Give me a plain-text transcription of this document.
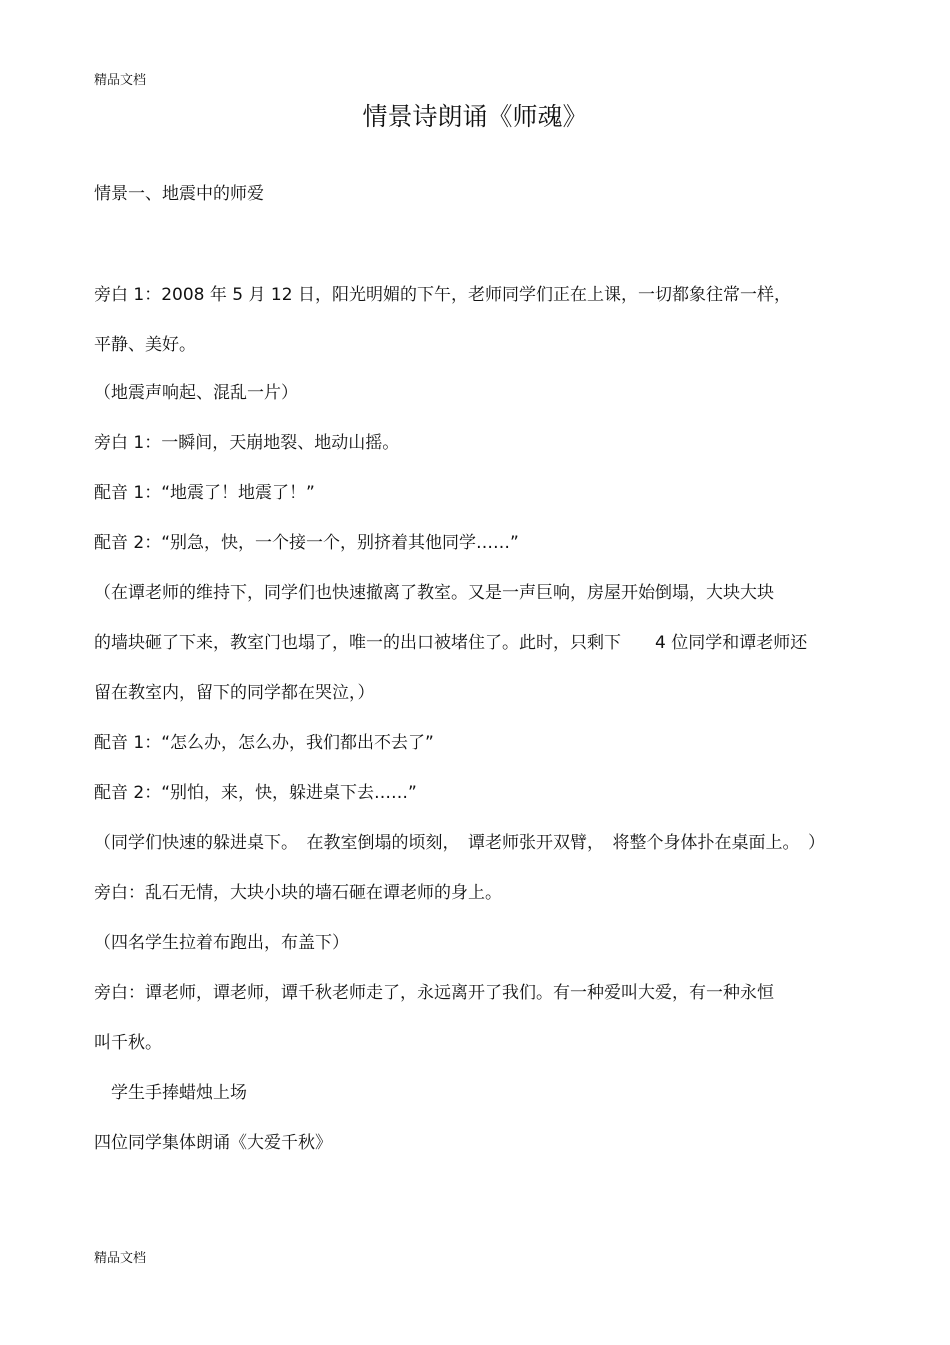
精品文档
情景诗朗诵《师魂》
情景一、地震中的师爱
旁白 1：2008 年 5 月 12 日，阳光明媚的下午，老师同学们正在上课，一切都象往常一样，
平静、美好。
（地震声响起、混乱一片）
旁白 1：一瞬间，天崩地裂、地动山摇。
配音 1：“地震了！地震了！”
配音 2：“别急，快，一个接一个，别挤着其他同学……”
（在谭老师的维持下，同学们也快速撤离了教室。又是一声巨响，房屋开始倒塌，大块大块
的墙块砸了下来，教室门也塌了，唯一的出口被堵住了。此时，只剩下　　4 位同学和谭老师还
留在教室内，留下的同学都在哭泣，）
配音 1：“怎么办，怎么办，我们都出不去了”
配音 2：“别怕，来，快，躲进桌下去……”
（同学们快速的躲进桌下。　在教室倒塌的顷刻，　谭老师张开双臂，　将整个身体扑在桌面上。　）
旁白：乱石无情，大块小块的墙石砸在谭老师的身上。
（四名学生拉着布跑出，布盖下）
旁白：谭老师，谭老师，谭千秋老师走了，永远离开了我们。有一种爱叫大爱，有一种永恒
叫千秋。
　学生手捧蜡烛上场
四位同学集体朗诵《大爱千秋》
精品文档
